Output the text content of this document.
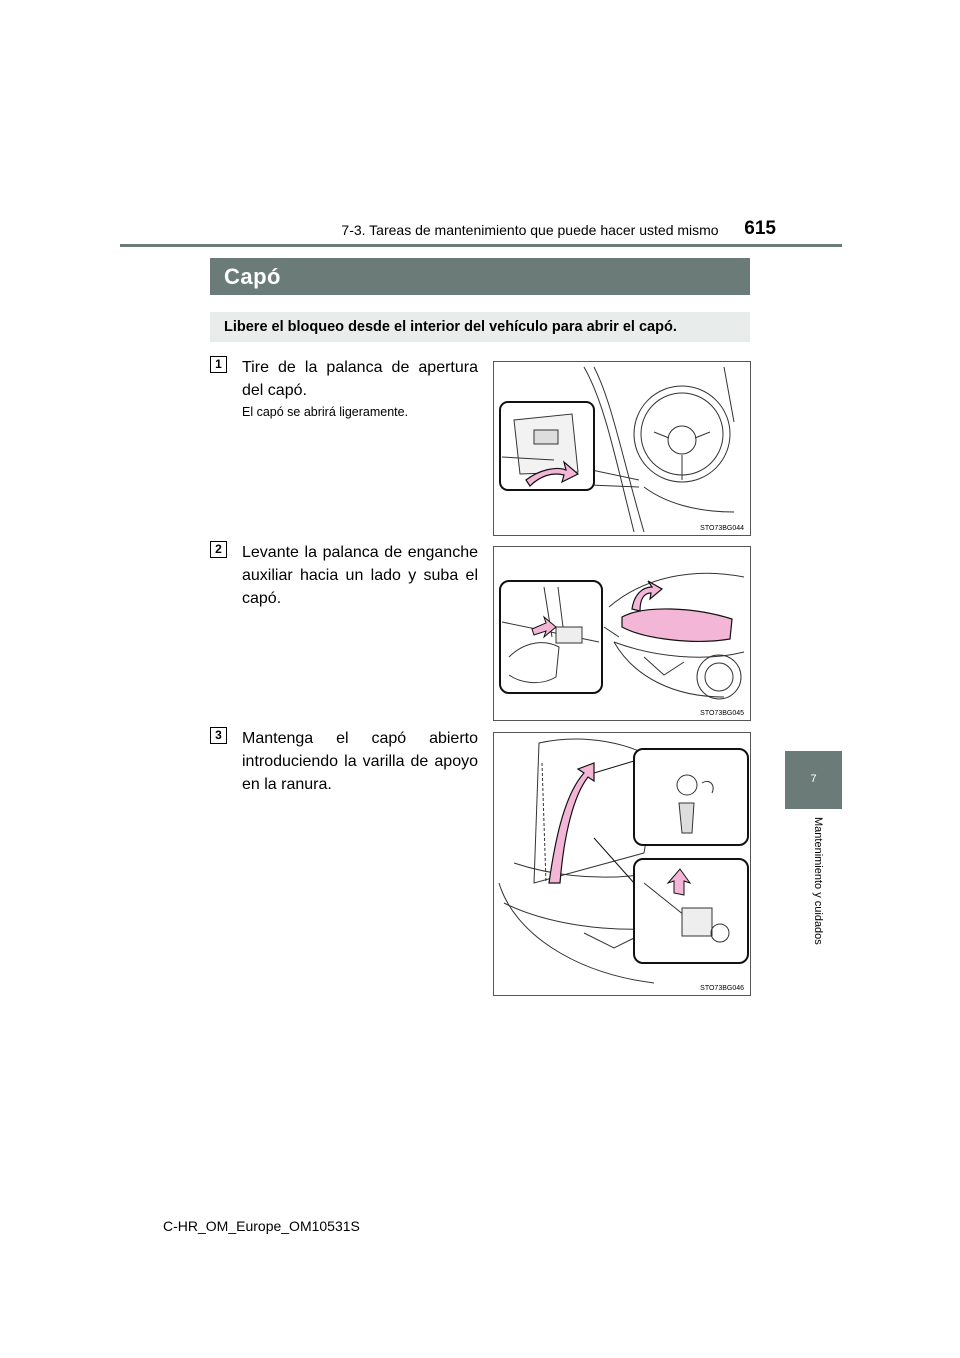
7-3. Tareas de mantenimiento que puede hacer usted mismo	615
Capó
Libere el bloqueo desde el interior del vehículo para abrir el capó.
1	Tire de la palanca de apertura del capó.
El capó se abrirá ligeramente.
STO73BG044
2	Levante la palanca de enganche auxiliar hacia un lado y suba el capó.
STO73BG045
3	Mantenga el capó abierto introduciendo la varilla de apoyo en la ranura.
STO73BG046
7
Mantenimiento y cuidados
C-HR_OM_Europe_OM10531S
